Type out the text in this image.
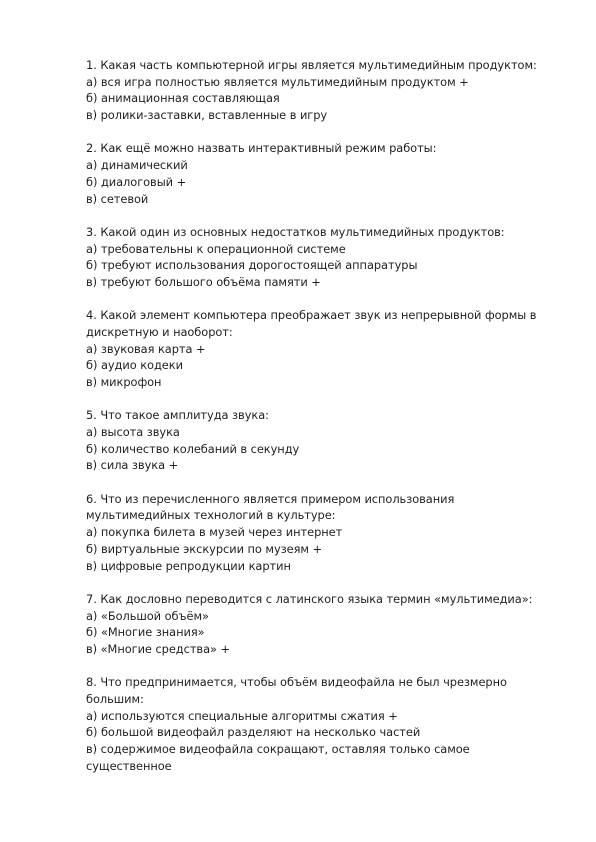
1. Какая часть компьютерной игры является мультимедийным продуктом:
а) вся игра полностью является мультимедийным продуктом +
б) анимационная составляющая
в) ролики-заставки, вставленные в игру
2. Как ещё можно назвать интерактивный режим работы:
а) динамический
б) диалоговый +
в) сетевой
3. Какой один из основных недостатков мультимедийных продуктов:
а) требовательны к операционной системе
б) требуют использования дорогостоящей аппаратуры
в) требуют большого объёма памяти +
4. Какой элемент компьютера преображает звук из непрерывной формы в
дискретную и наоборот:
а) звуковая карта +
б) аудио кодеки
в) микрофон
5. Что такое амплитуда звука:
а) высота звука
б) количество колебаний в секунду
в) сила звука +
6. Что из перечисленного является примером использования
мультимедийных технологий в культуре:
а) покупка билета в музей через интернет
б) виртуальные экскурсии по музеям +
в) цифровые репродукции картин
7. Как дословно переводится с латинского языка термин «мультимедиа»:
а) «Большой объём»
б) «Многие знания»
в) «Многие средства» +
8. Что предпринимается, чтобы объём видеофайла не был чрезмерно
большим:
а) используются специальные алгоритмы сжатия +
б) большой видеофайл разделяют на несколько частей
в) содержимое видеофайла сокращают, оставляя только самое существенное
